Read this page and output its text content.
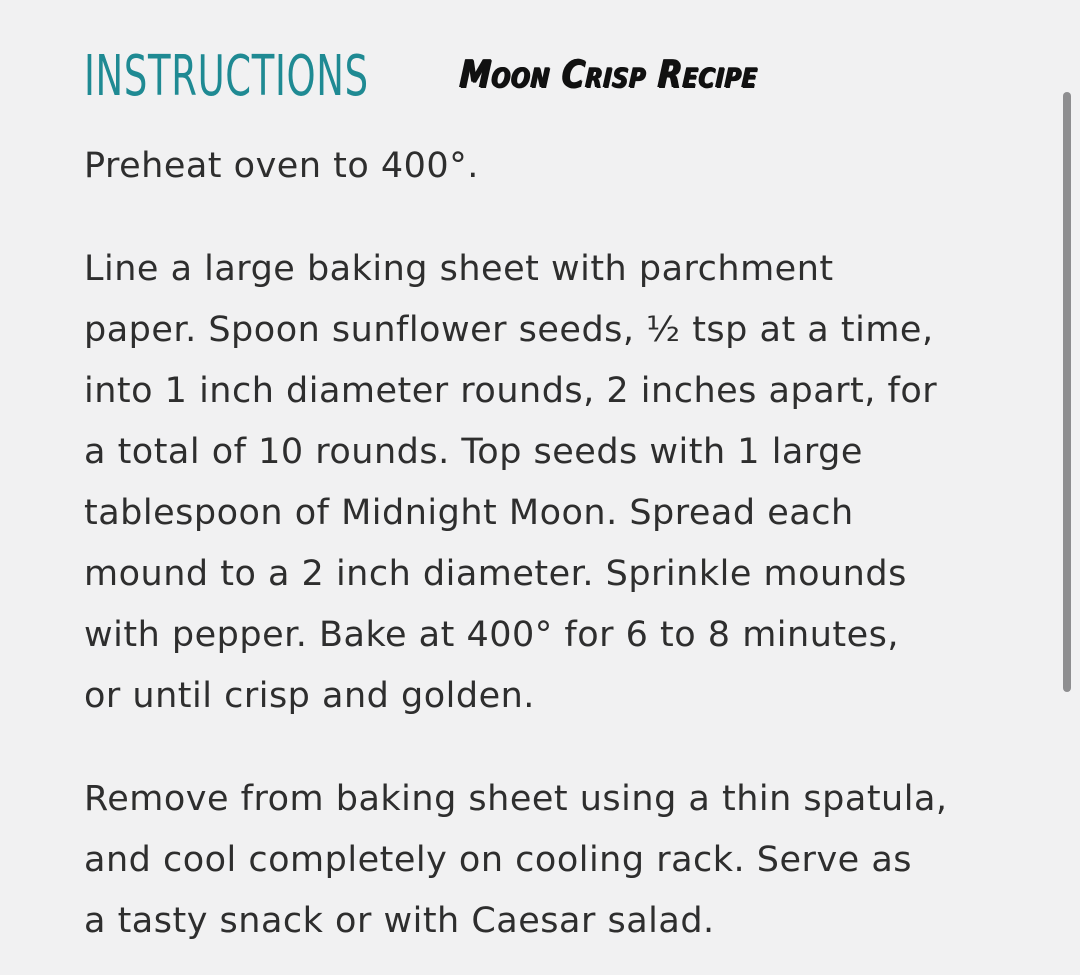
INSTRUCTIONS Moon Crisp Recipe

Preheat oven to 400°.

Line a large baking sheet with parchment
paper. Spoon sunflower seeds, ½ tsp at a time,
into 1 inch diameter rounds, 2 inches apart, for
a total of 10 rounds. Top seeds with 1 large
tablespoon of Midnight Moon. Spread each
mound to a 2 inch diameter. Sprinkle mounds
with pepper. Bake at 400° for 6 to 8 minutes,
or until crisp and golden.

Remove from baking sheet using a thin spatula,
and cool completely on cooling rack. Serve as
a tasty snack or with Caesar salad.
